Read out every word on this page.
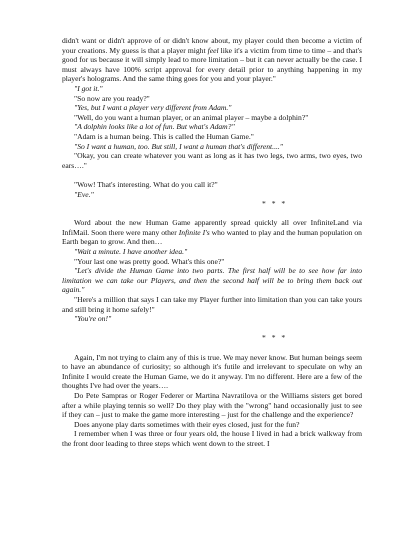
didn't want or didn't approve of or didn't know about, my player could then become a victim of your creations. My guess is that a player might feel like it's a victim from time to time – and that's good for us because it will simply lead to more limitation – but it can never actually be the case. I must always have 100% script approval for every detail prior to anything happening in my player's holograms. And the same thing goes for you and your player."

"I got it."

"So now are you ready?"

"Yes, but I want a player very different from Adam."

"Well, do you want a human player, or an animal player – maybe a dolphin?"

"A dolphin looks like a lot of fun. But what's Adam?"

"Adam is a human being. This is called the Human Game."

"So I want a human, too. But still, I want a human that's different...."

"Okay, you can create whatever you want as long as it has two legs, two arms, two eyes, two ears…."

"Wow! That's interesting. What do you call it?"

"Eve."

* * *

Word about the new Human Game apparently spread quickly all over InfiniteLand via InfiMail. Soon there were many other Infinite I's who wanted to play and the human population on Earth began to grow. And then…

"Wait a minute. I have another idea."

"Your last one was pretty good. What's this one?"

"Let's divide the Human Game into two parts. The first half will be to see how far into limitation we can take our Players, and then the second half will be to bring them back out again."

"Here's a million that says I can take my Player further into limitation than you can take yours and still bring it home safely!"

"You're on!"

* * *

Again, I'm not trying to claim any of this is true. We may never know. But human beings seem to have an abundance of curiosity; so although it's futile and irrelevant to speculate on why an Infinite I would create the Human Game, we do it anyway. I'm no different. Here are a few of the thoughts I've had over the years….

Do Pete Sampras or Roger Federer or Martina Navratilova or the Williams sisters get bored after a while playing tennis so well? Do they play with the "wrong" hand occasionally just to see if they can – just to make the game more interesting – just for the challenge and the experience?

Does anyone play darts sometimes with their eyes closed, just for the fun?

I remember when I was three or four years old, the house I lived in had a brick walkway from the front door leading to three steps which went down to the street. I
